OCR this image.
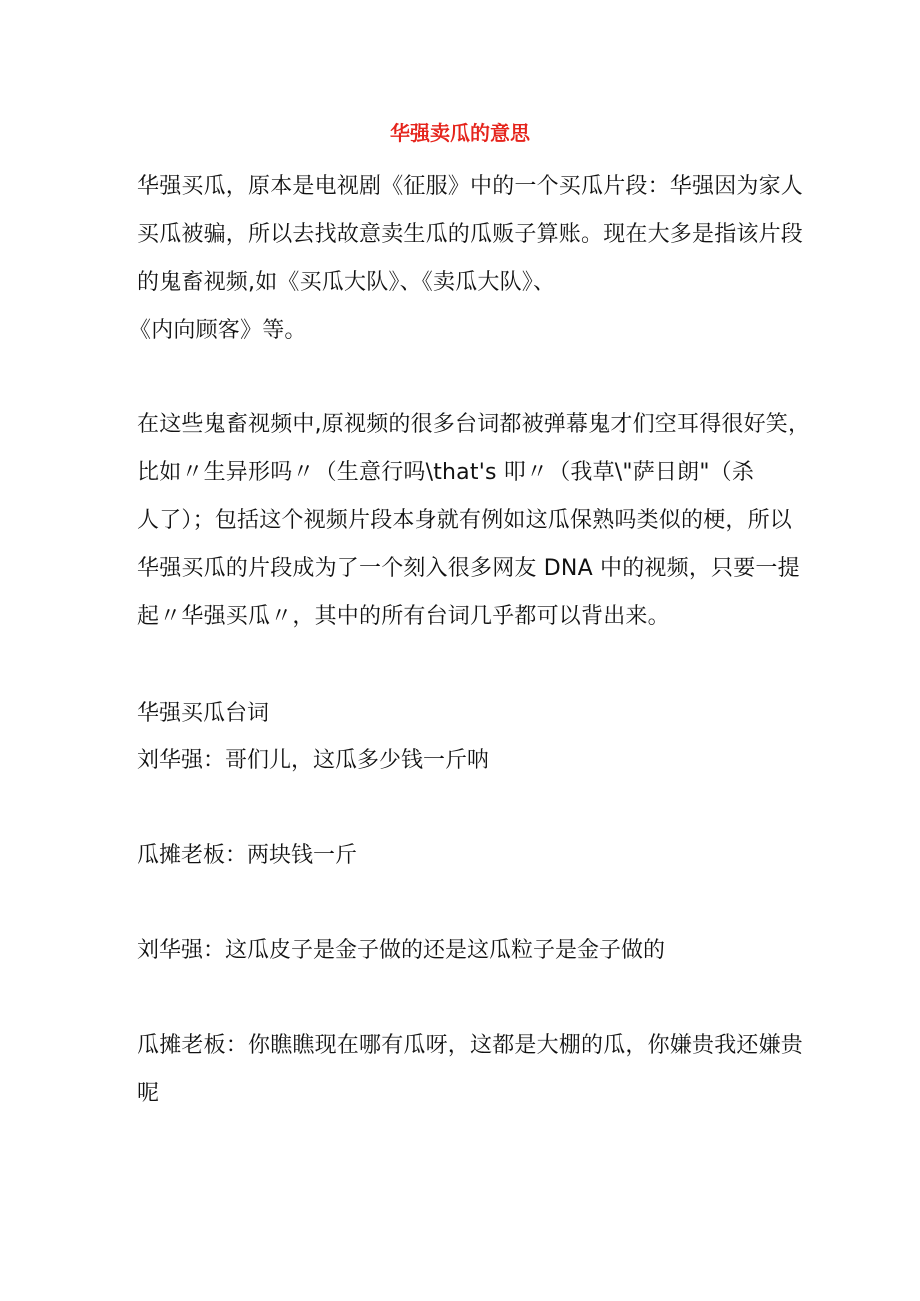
华强卖瓜的意思

华强买瓜，原本是电视剧《征服》中的一个买瓜片段：华强因为家人
买瓜被骗，所以去找故意卖生瓜的瓜贩子算账。现在大多是指该片段
的鬼畜视频,如《买瓜大队》、《卖瓜大队》、
《内向顾客》等。

在这些鬼畜视频中,原视频的很多台词都被弹幕鬼才们空耳得很好笑，
比如〃生异形吗〃（生意行吗\that's 叩〃（我草\"萨日朗"（杀
人了）；包括这个视频片段本身就有例如这瓜保熟吗类似的梗，所以
华强买瓜的片段成为了一个刻入很多网友 DNA 中的视频，只要一提
起〃华强买瓜〃，其中的所有台词几乎都可以背出来。

华强买瓜台词

刘华强：哥们儿，这瓜多少钱一斤呐

瓜摊老板：两块钱一斤

刘华强：这瓜皮子是金子做的还是这瓜粒子是金子做的

瓜摊老板：你瞧瞧现在哪有瓜呀，这都是大棚的瓜，你嫌贵我还嫌贵
呢
